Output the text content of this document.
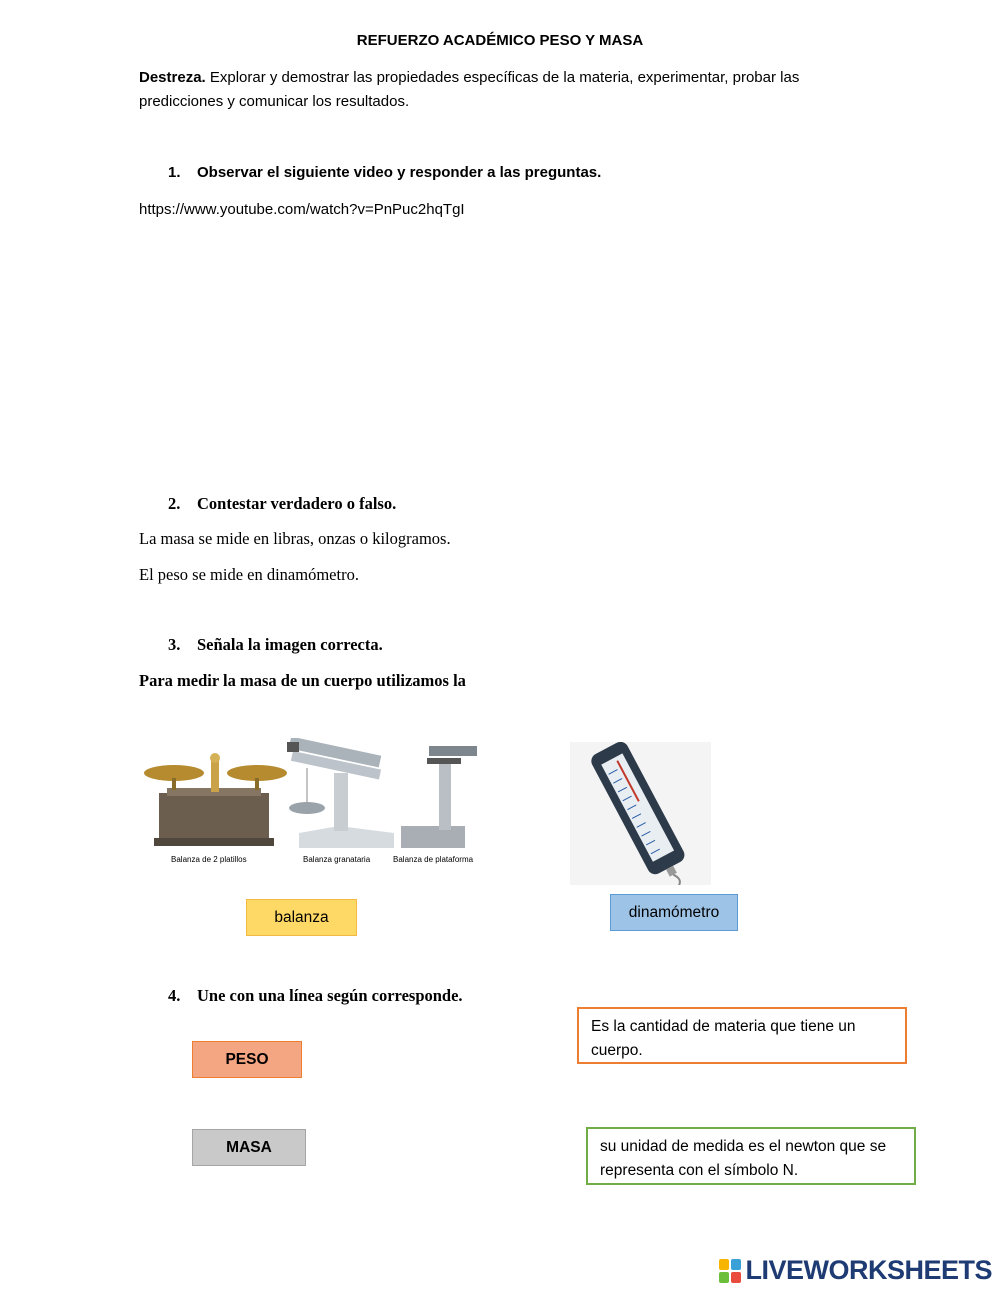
REFUERZO ACADÉMICO PESO Y MASA
Destreza. Explorar y demostrar las propiedades específicas de la materia, experimentar, probar las predicciones y comunicar los resultados.
1. Observar el siguiente video y responder a las preguntas.
https://www.youtube.com/watch?v=PnPuc2hqTgI
2. Contestar verdadero o falso.
La masa se mide en libras, onzas o kilogramos.
El peso se mide en dinamómetro.
3. Señala la imagen correcta.
Para medir la masa de un cuerpo utilizamos la
Balanza de 2 platillos	Balanza granataria	Balanza de plataforma
balanza	dinamómetro
4. Une con una línea según corresponde.
PESO
MASA
Es la cantidad de materia que tiene un cuerpo.
su unidad de medida es el newton que se representa con el símbolo N.
LIVEWORKSHEETS
